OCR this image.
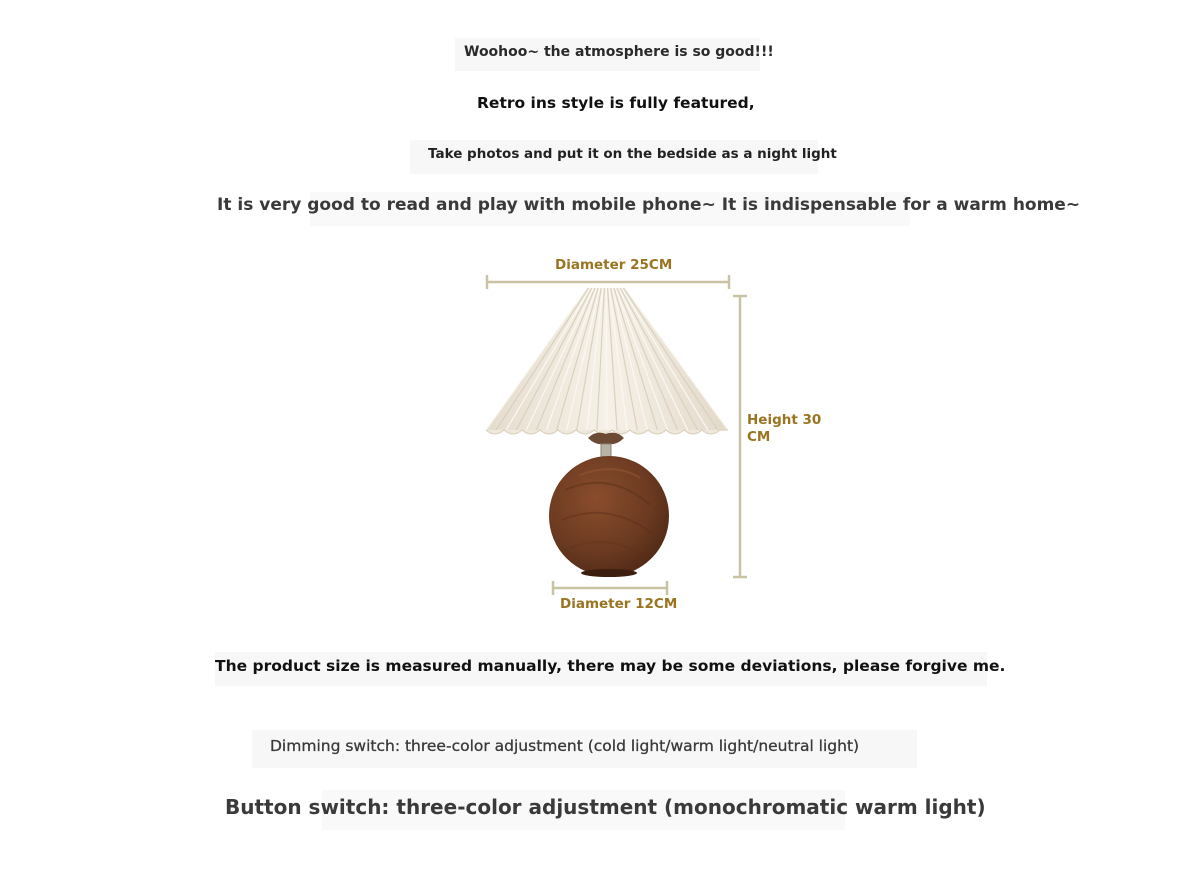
Woohoo~ the atmosphere is so good!!!
Retro ins style is fully featured,
Take photos and put it on the bedside as a night light
It is very good to read and play with mobile phone~ It is indispensable for a warm home~
Diameter 25CM
Height 30 CM
Diameter 12CM
The product size is measured manually, there may be some deviations, please forgive me.
Dimming switch: three-color adjustment (cold light/warm light/neutral light)
Button switch: three-color adjustment (monochromatic warm light)
